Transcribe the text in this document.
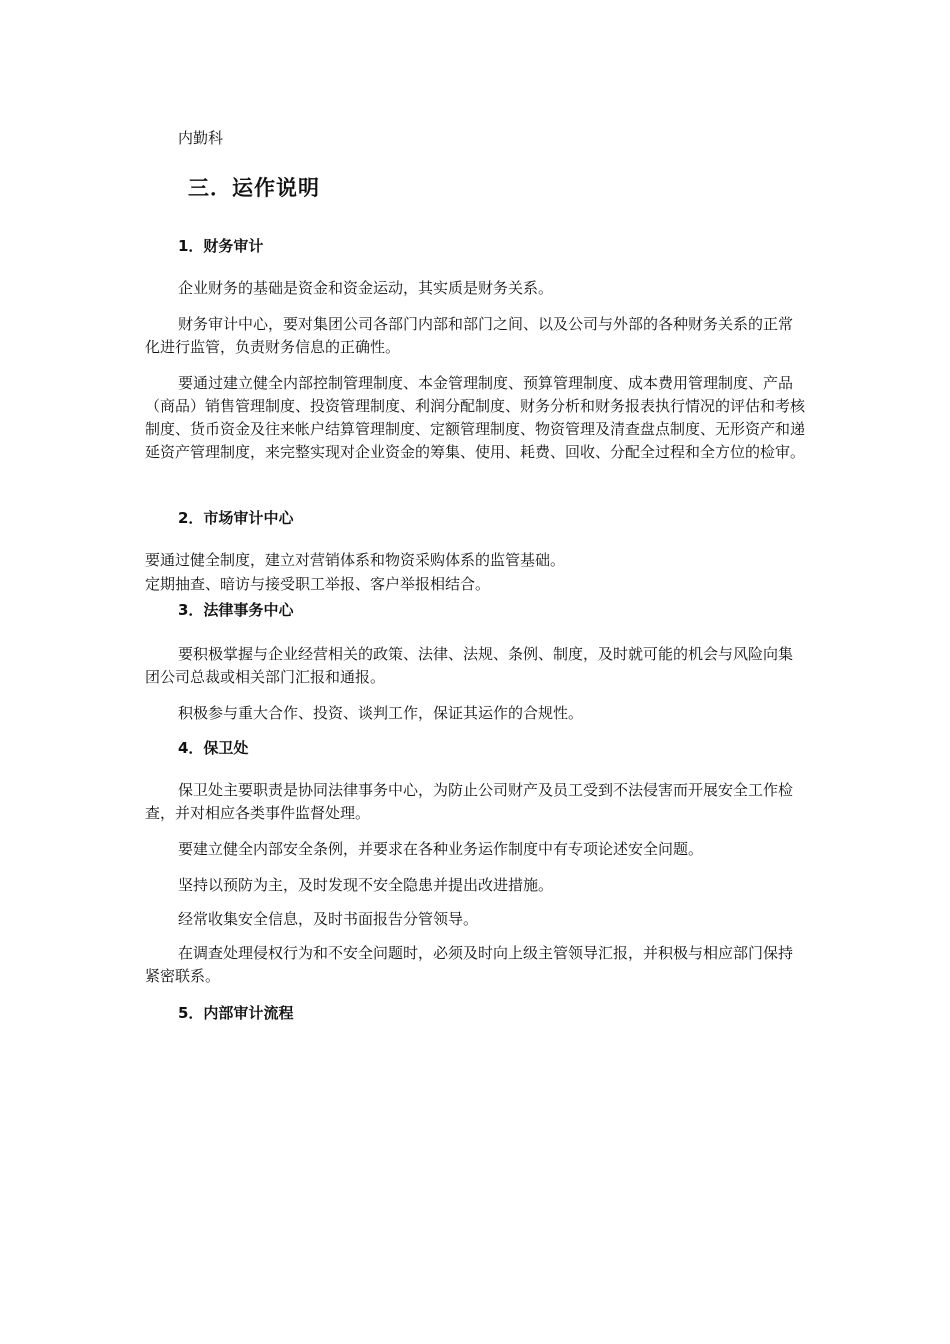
内勤科
三．运作说明
1．财务审计
企业财务的基础是资金和资金运动，其实质是财务关系。
财务审计中心，要对集团公司各部门内部和部门之间、以及公司与外部的各种财务关系的正常化进行监管，负责财务信息的正确性。
要通过建立健全内部控制管理制度、本金管理制度、预算管理制度、成本费用管理制度、产品（商品）销售管理制度、投资管理制度、利润分配制度、财务分析和财务报表执行情况的评估和考核制度、货币资金及往来帐户结算管理制度、定额管理制度、物资管理及清查盘点制度、无形资产和递延资产管理制度，来完整实现对企业资金的筹集、使用、耗费、回收、分配全过程和全方位的检审。
2．市场审计中心
要通过健全制度，建立对营销体系和物资采购体系的监管基础。
定期抽查、暗访与接受职工举报、客户举报相结合。
3．法律事务中心
要积极掌握与企业经营相关的政策、法律、法规、条例、制度，及时就可能的机会与风险向集团公司总裁或相关部门汇报和通报。
积极参与重大合作、投资、谈判工作，保证其运作的合规性。
4．保卫处
保卫处主要职责是协同法律事务中心，为防止公司财产及员工受到不法侵害而开展安全工作检查，并对相应各类事件监督处理。
要建立健全内部安全条例，并要求在各种业务运作制度中有专项论述安全问题。
坚持以预防为主，及时发现不安全隐患并提出改进措施。
经常收集安全信息，及时书面报告分管领导。
在调查处理侵权行为和不安全问题时，必须及时向上级主管领导汇报，并积极与相应部门保持紧密联系。
5．内部审计流程
